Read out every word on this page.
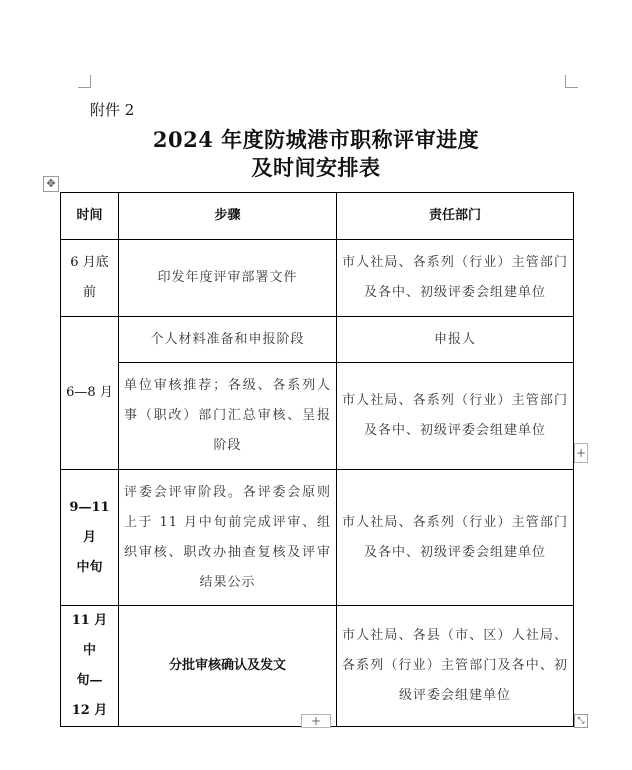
附件 2
2024 年度防城港市职称评审进度
及时间安排表
✥
时间	步骤	责任部门

6 月底
前	印发年度评审部署文件	市人社局、各系列（行业）主管部门及各中、初级评委会组建单位

6—8 月	个人材料准备和申报阶段	申报人
	单位审核推荐；各级、各系列人事（职改）部门汇总审核、呈报阶段	市人社局、各系列（行业）主管部门及各中、初级评委会组建单位

9—11
月
中旬	评委会评审阶段。各评委会原则上于 11 月中旬前完成评审、组织审核、职改办抽查复核及评审结果公示	市人社局、各系列（行业）主管部门及各中、初级评委会组建单位

11 月中
旬—
12 月	分批审核确认及发文	市人社局、各县（市、区）人社局、各系列（行业）主管部门及各中、初级评委会组建单位
+
+	⤡
